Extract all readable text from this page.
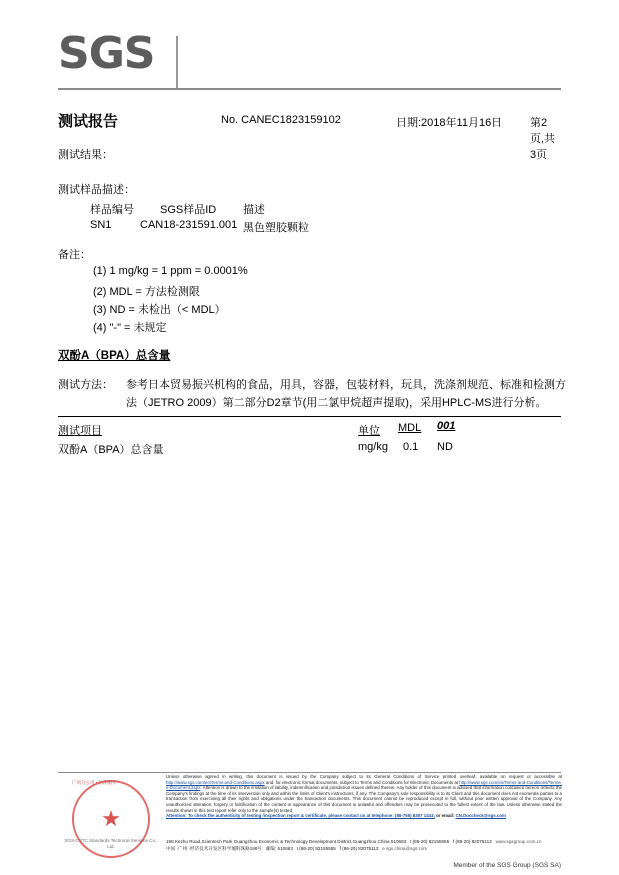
SGS
测试报告	No. CANEC1823159102	日期:2018年11月16日	第2页,共3页
测试结果：
测试样品描述：
样品编号 SGS样品ID 描述
SN1	CAN18-231591.001 黑色塑胶颗粒
备注：
(1) 1 mg/kg = 1 ppm = 0.0001%
(2) MDL = 方法检测限
(3) ND = 未检出（< MDL）
(4) "-" = 未规定
双酚A（BPA）总含量
测试方法： 参考日本贸易振兴机构的食品，用具，容器，包装材料，玩具，洗涤剂规范、标准和检测方
法（JETRO 2009）第二部分D2章节(用二氯甲烷超声提取)，采用HPLC-MS进行分析。
测试项目	单位 MDL 001
双酚A（BPA）总含量	mg/kg 0.1 ND
广州分公司 • 检测服务
★
SGS-CSTC Standards Technical Services Co., Ltd.
Unless otherwise agreed in writing, this document is issued by the Company subject to its General Conditions of Service printed overleaf, available on request or accessible at http://www.sgs.com/en/Terms-and-Conditions.aspx and, for electronic format documents, subject to Terms and Conditions for Electronic Documents at http://www.sgs.com/en/Terms-and-Conditions/Terms-e-Document.aspx. Attention is drawn to the limitation of liability, indemnification and jurisdiction issues defined therein. Any holder of this document is advised that information contained hereon reflects the Company's findings at the time of its intervention only and within the limits of Client's instructions, if any. The Company's sole responsibility is to its Client and this document does not exonerate parties to a transaction from exercising all their rights and obligations under the transaction documents. This document cannot be reproduced except in full, without prior written approval of the Company. Any unauthorized alteration, forgery or falsification of the content or appearance of this document is unlawful and offenders may be prosecuted to the fullest extent of the law. Unless otherwise stated the results shown in this test report refer only to the sample(s) tested.
Attention: To check the authenticity of testing /inspection report & certificate, please contact us at telephone: (86-755) 8307 1443, or email: CN.Doccheck@sgs.com
198 Kezhu Road,Scientech Park Guangzhou Economic & Technology Development District,Guangzhou,China 510663 t (86-20) 82155555 f (86-20) 82075113 www.sgsgroup.com.cn
中国 ·广州 ·经济技术开发区科学城科珠路198号 邮编: 510663 t (86-20) 82155555 f (86-20) 82075113 e sgs.china@sgs.com
Member of the SGS Group (SGS SA)
